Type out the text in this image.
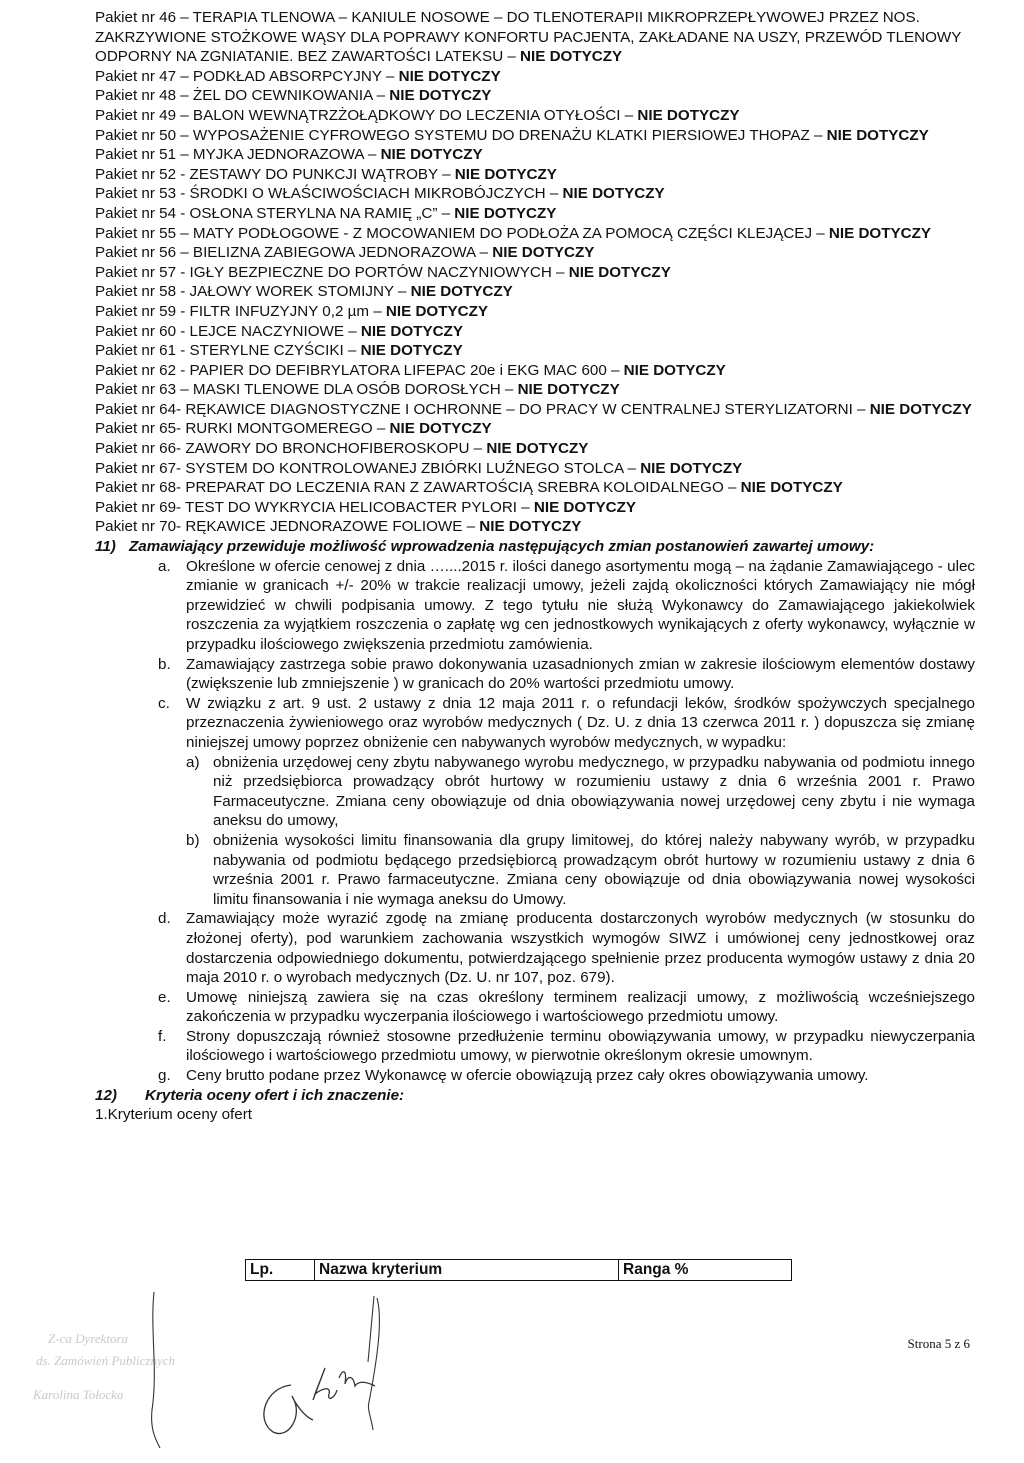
Pakiet nr 46 – TERAPIA TLENOWA – KANIULE NOSOWE – DO TLENOTERAPII MIKROPRZEPŁYWOWEJ PRZEZ NOS. ZAKRZYWIONE STOŻKOWE WĄSY DLA POPRAWY KONFORTU PACJENTA, ZAKŁADANE NA USZY, PRZEWÓD TLENOWY ODPORNY NA ZGNIATANIE. BEZ ZAWARTOŚCI LATEKSU – NIE DOTYCZY

Pakiet nr 47 – PODKŁAD ABSORPCYJNY – NIE DOTYCZY

Pakiet nr 48 – ŻEL DO CEWNIKOWANIA – NIE DOTYCZY

Pakiet nr 49 – BALON WEWNĄTRZŻOŁĄDKOWY DO LECZENIA OTYŁOŚCI – NIE DOTYCZY

Pakiet nr 50 – WYPOSAŻENIE CYFROWEGO SYSTEMU DO DRENAŻU KLATKI PIERSIOWEJ THOPAZ – NIE DOTYCZY

Pakiet nr 51 – MYJKA JEDNORAZOWA – NIE DOTYCZY

Pakiet nr 52 - ZESTAWY DO PUNKCJI WĄTROBY – NIE DOTYCZY

Pakiet nr 53 - ŚRODKI O WŁAŚCIWOŚCIACH MIKROBÓJCZYCH – NIE DOTYCZY

Pakiet nr 54 - OSŁONA STERYLNA NA RAMIĘ „C” – NIE DOTYCZY

Pakiet nr 55 – MATY PODŁOGOWE - Z MOCOWANIEM DO PODŁOŻA ZA POMOCĄ CZĘŚCI KLEJĄCEJ – NIE DOTYCZY

Pakiet nr 56 – BIELIZNA ZABIEGOWA JEDNORAZOWA – NIE DOTYCZY

Pakiet nr 57 - IGŁY BEZPIECZNE DO PORTÓW NACZYNIOWYCH – NIE DOTYCZY

Pakiet nr 58 - JAŁOWY WOREK STOMIJNY – NIE DOTYCZY

Pakiet nr 59 - FILTR INFUZYJNY 0,2 µm – NIE DOTYCZY

Pakiet nr 60 - LEJCE NACZYNIOWE – NIE DOTYCZY

Pakiet nr 61 - STERYLNE CZYŚCIKI – NIE DOTYCZY

Pakiet nr 62 - PAPIER DO DEFIBRYLATORA LIFEPAC 20e i EKG MAC 600 – NIE DOTYCZY

Pakiet nr 63 – MASKI TLENOWE DLA OSÓB DOROSŁYCH – NIE DOTYCZY

Pakiet nr 64- RĘKAWICE DIAGNOSTYCZNE I OCHRONNE – DO PRACY W CENTRALNEJ STERYLIZATORNI – NIE DOTYCZY

Pakiet nr 65- RURKI MONTGOMEREGO – NIE DOTYCZY

Pakiet nr 66- ZAWORY DO BRONCHOFIBEROSKOPU – NIE DOTYCZY

Pakiet nr 67- SYSTEM DO KONTROLOWANEJ ZBIÓRKI LUŹNEGO STOLCA – NIE DOTYCZY

Pakiet nr 68- PREPARAT DO LECZENIA RAN Z ZAWARTOŚCIĄ SREBRA KOLOIDALNEGO – NIE DOTYCZY

Pakiet nr 69- TEST DO WYKRYCIA HELICOBACTER PYLORI – NIE DOTYCZY

Pakiet nr 70- RĘKAWICE JEDNORAZOWE FOLIOWE – NIE DOTYCZY

11) Zamawiający przewiduje możliwość wprowadzenia następujących zmian postanowień zawartej umowy:

a. Określone w ofercie cenowej z dnia …....2015 r. ilości danego asortymentu mogą – na żądanie Zamawiającego - ulec zmianie w granicach +/- 20% w trakcie realizacji umowy, jeżeli zajdą okoliczności których Zamawiający nie mógł przewidzieć w chwili podpisania umowy. Z tego tytułu nie służą Wykonawcy do Zamawiającego jakiekolwiek roszczenia za wyjątkiem roszczenia o zapłatę wg cen jednostkowych wynikających z oferty wykonawcy, wyłącznie w przypadku ilościowego zwiększenia przedmiotu zamówienia.
b. Zamawiający zastrzega sobie prawo dokonywania uzasadnionych zmian w zakresie ilościowym elementów dostawy (zwiększenie lub zmniejszenie ) w granicach do 20% wartości przedmiotu umowy.
c. W związku z art. 9 ust. 2 ustawy z dnia 12 maja 2011 r. o refundacji leków, środków spożywczych specjalnego przeznaczenia żywieniowego oraz wyrobów medycznych ( Dz. U. z dnia 13 czerwca 2011 r. ) dopuszcza się zmianę niniejszej umowy poprzez obniżenie cen nabywanych wyrobów medycznych, w wypadku:
a) obniżenia urzędowej ceny zbytu nabywanego wyrobu medycznego, w przypadku nabywania od podmiotu innego niż przedsiębiorca prowadzący obrót hurtowy w rozumieniu ustawy z dnia 6 września 2001 r. Prawo Farmaceutyczne. Zmiana ceny obowiązuje od dnia obowiązywania nowej urzędowej ceny zbytu i nie wymaga aneksu do umowy,
b) obniżenia wysokości limitu finansowania dla grupy limitowej, do której należy nabywany wyrób, w przypadku nabywania od podmiotu będącego przedsiębiorcą prowadzącym obrót hurtowy w rozumieniu ustawy z dnia 6 września 2001 r. Prawo farmaceutyczne. Zmiana ceny obowiązuje od dnia obowiązywania nowej wysokości limitu finansowania i nie wymaga aneksu do Umowy.
d. Zamawiający może wyrazić zgodę na zmianę producenta dostarczonych wyrobów medycznych (w stosunku do złożonej oferty), pod warunkiem zachowania wszystkich wymogów SIWZ i umówionej ceny jednostkowej oraz dostarczenia odpowiedniego dokumentu, potwierdzającego spełnienie przez producenta wymogów ustawy z dnia 20 maja 2010 r. o wyrobach medycznych (Dz. U. nr 107, poz. 679).
e. Umowę niniejszą zawiera się na czas określony terminem realizacji umowy, z możliwością wcześniejszego zakończenia w przypadku wyczerpania ilościowego i wartościowego przedmiotu umowy.
f. Strony dopuszczają również stosowne przedłużenie terminu obowiązywania umowy, w przypadku niewyczerpania ilościowego i wartościowego przedmiotu umowy, w pierwotnie określonym okresie umownym.
g. Ceny brutto podane przez Wykonawcę w ofercie obowiązują przez cały okres obowiązywania umowy.

12) Kryteria oceny ofert i ich znaczenie:

1.Kryterium oceny ofert

Lp.	Nazwa kryterium	Ranga %
Z-ca Dyrektora
ds. Zamówień Publicznych
Karolina Tołocka
Strona 5 z 6
